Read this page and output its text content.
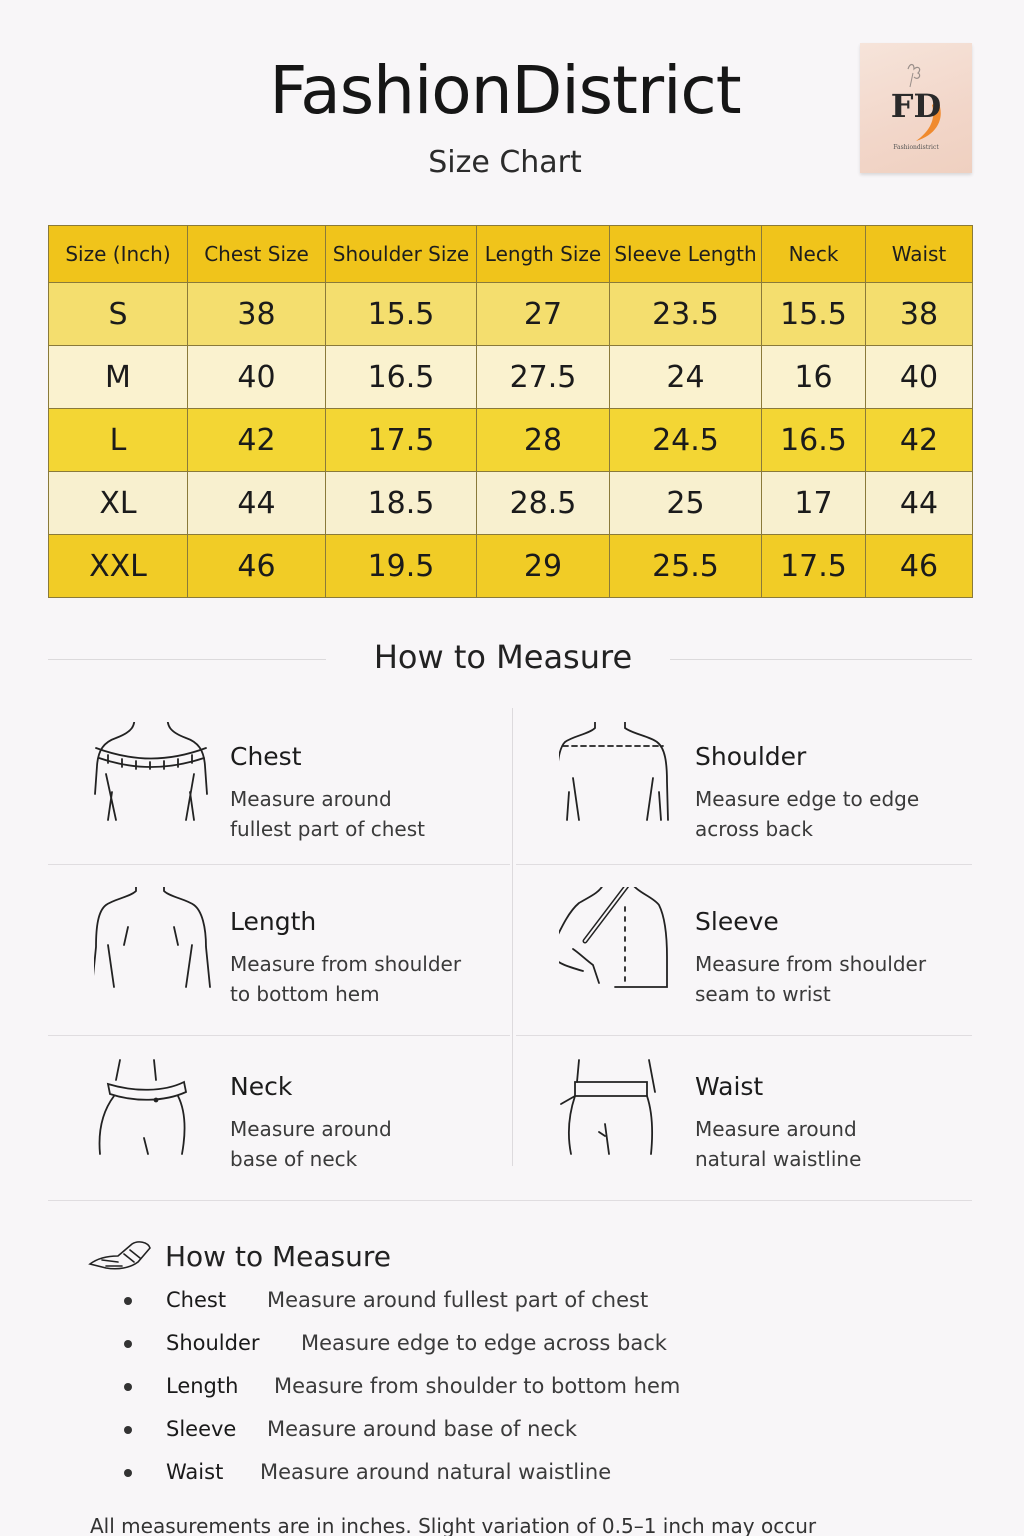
FashionDistrict
Size Chart
FD
Fashiondistrict
Size (Inch)	Chest Size	Shoulder Size	Length Size	Sleeve Length	Neck	Waist
S	38	15.5	27	23.5	15.5	38
M	40	16.5	27.5	24	16	40
L	42	17.5	28	24.5	16.5	42
XL	44	18.5	28.5	25	17	44
XXL	46	19.5	29	25.5	17.5	46
How to Measure
Chest
Measure around
fullest part of chest
Shoulder
Measure edge to edge
across back
Length
Measure from shoulder
to bottom hem
Sleeve
Measure from shoulder
seam to wrist
Neck
Measure around
base of neck
Waist
Measure around
natural waistline
How to Measure
Chest Measure around fullest part of chest
Shoulder Measure edge to edge across back
Length Measure from shoulder to bottom hem
Sleeve Measure around base of neck
Waist Measure around natural waistline
All measurements are in inches. Slight variation of 0.5–1 inch may occur
